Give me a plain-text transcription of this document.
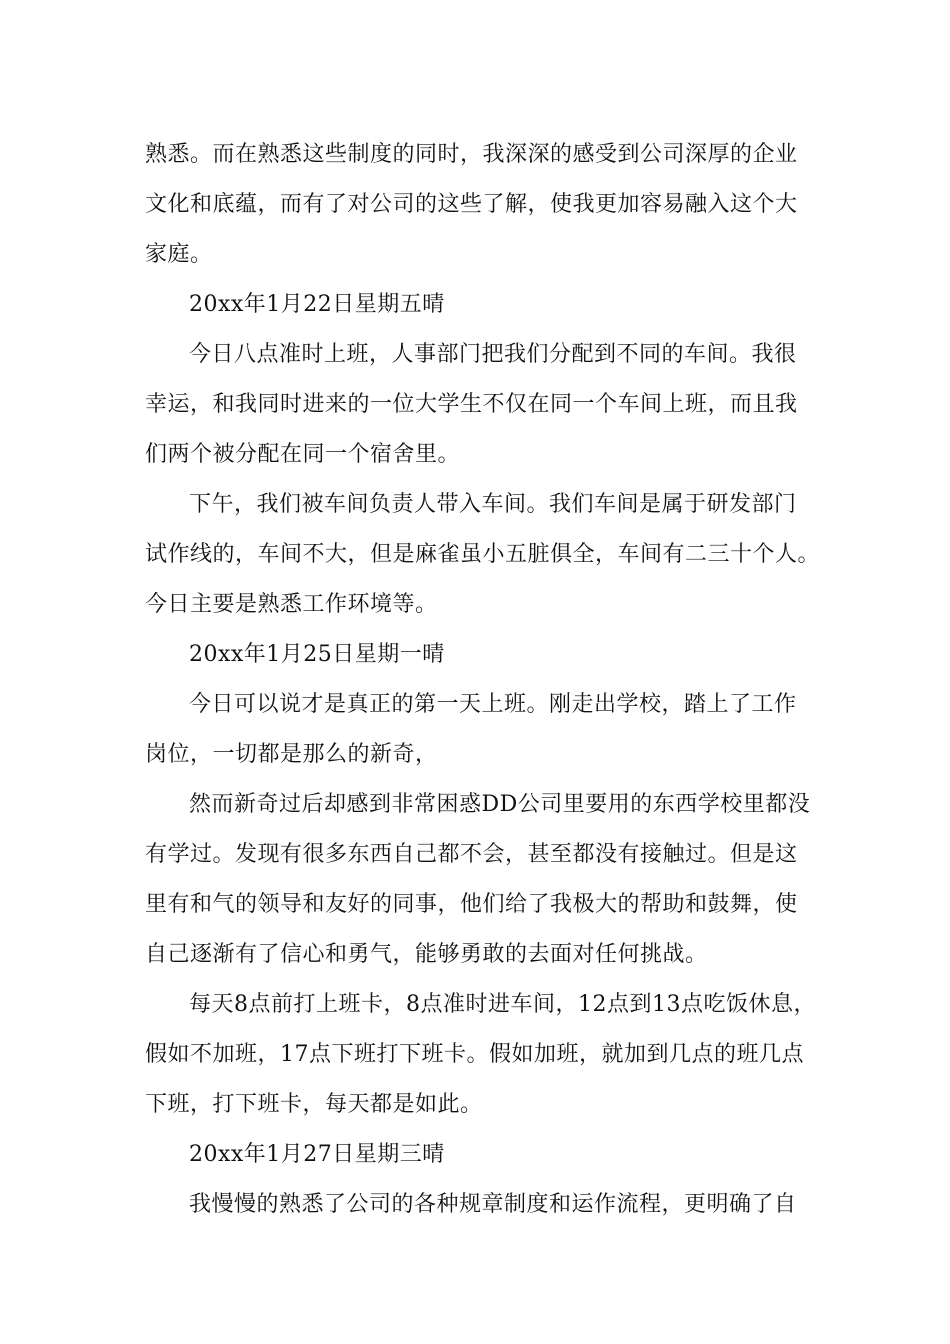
熟悉。而在熟悉这些制度的同时，我深深的感受到公司深厚的企业
文化和底蕴，而有了对公司的这些了解，使我更加容易融入这个大
家庭。
20xx年1月22日星期五晴
今日八点准时上班，人事部门把我们分配到不同的车间。我很
幸运，和我同时进来的一位大学生不仅在同一个车间上班，而且我
们两个被分配在同一个宿舍里。
下午，我们被车间负责人带入车间。我们车间是属于研发部门
试作线的，车间不大，但是麻雀虽小五脏俱全，车间有二三十个人。
今日主要是熟悉工作环境等。
20xx年1月25日星期一晴
今日可以说才是真正的第一天上班。刚走出学校，踏上了工作
岗位，一切都是那么的新奇，
然而新奇过后却感到非常困惑DD公司里要用的东西学校里都没
有学过。发现有很多东西自己都不会，甚至都没有接触过。但是这
里有和气的领导和友好的同事，他们给了我极大的帮助和鼓舞，使
自己逐渐有了信心和勇气，能够勇敢的去面对任何挑战。
每天8点前打上班卡，8点准时进车间，12点到13点吃饭休息，
假如不加班，17点下班打下班卡。假如加班，就加到几点的班几点
下班，打下班卡，每天都是如此。
20xx年1月27日星期三晴
我慢慢的熟悉了公司的各种规章制度和运作流程，更明确了自
